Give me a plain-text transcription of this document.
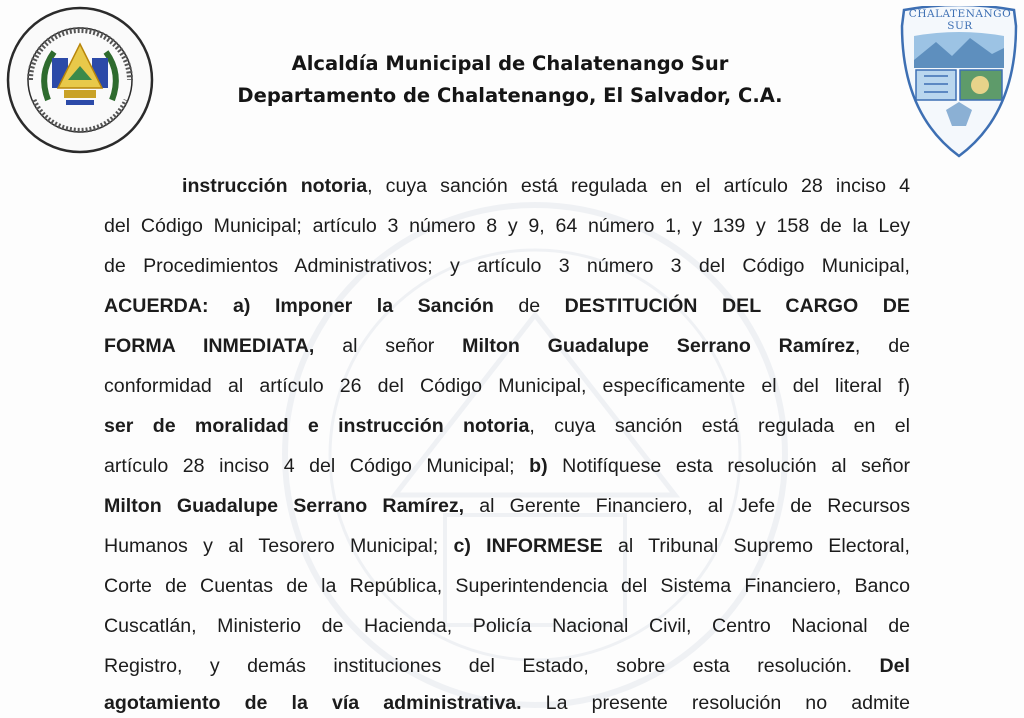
CHALATENANGO SUR
Alcaldía Municipal de Chalatenango Sur
Departamento de Chalatenango, El Salvador, C.A.
instrucción notoria, cuya sanción está regulada en el artículo 28 inciso 4
del Código Municipal; artículo 3 número 8 y 9, 64 número 1, y 139 y 158 de la Ley
de Procedimientos Administrativos; y artículo 3 número 3 del Código Municipal,
ACUERDA: a) Imponer la Sanción de DESTITUCIÓN DEL CARGO DE
FORMA INMEDIATA, al señor Milton Guadalupe Serrano Ramírez, de
conformidad al artículo 26 del Código Municipal, específicamente el del literal f)
ser de moralidad e instrucción notoria, cuya sanción está regulada en el
artículo 28 inciso 4 del Código Municipal; b) Notifíquese esta resolución al señor
Milton Guadalupe Serrano Ramírez, al Gerente Financiero, al Jefe de Recursos
Humanos y al Tesorero Municipal; c) INFORMESE al Tribunal Supremo Electoral,
Corte de Cuentas de la República, Superintendencia del Sistema Financiero, Banco
Cuscatlán, Ministerio de Hacienda, Policía Nacional Civil, Centro Nacional de
Registro, y demás instituciones del Estado, sobre esta resolución. Del
agotamiento de la vía administrativa. La presente resolución no admite
